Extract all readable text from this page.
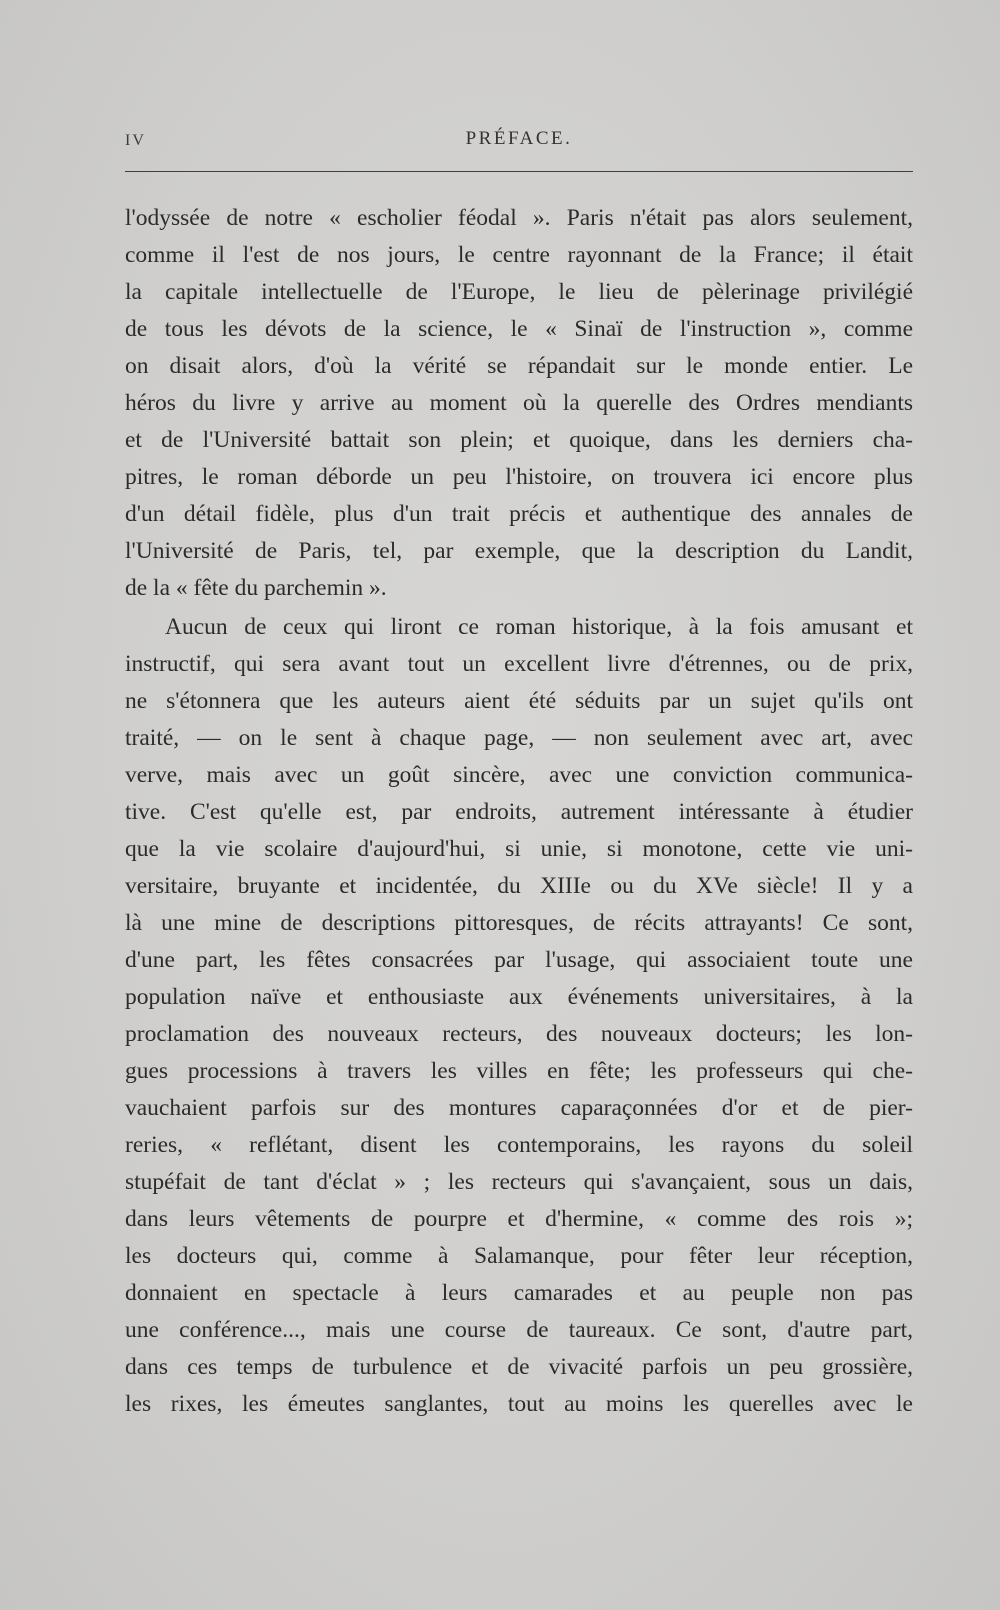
IV	PRÉFACE.
l'odyssée de notre « escholier féodal ». Paris n'était pas alors seulement,
comme il l'est de nos jours, le centre rayonnant de la France; il était
la capitale intellectuelle de l'Europe, le lieu de pèlerinage privilégié
de tous les dévots de la science, le « Sinaï de l'instruction », comme
on disait alors, d'où la vérité se répandait sur le monde entier. Le
héros du livre y arrive au moment où la querelle des Ordres mendiants
et de l'Université battait son plein; et quoique, dans les derniers cha-
pitres, le roman déborde un peu l'histoire, on trouvera ici encore plus
d'un détail fidèle, plus d'un trait précis et authentique des annales de
l'Université de Paris, tel, par exemple, que la description du Landit,
de la « fête du parchemin ».
Aucun de ceux qui liront ce roman historique, à la fois amusant et
instructif, qui sera avant tout un excellent livre d'étrennes, ou de prix,
ne s'étonnera que les auteurs aient été séduits par un sujet qu'ils ont
traité, — on le sent à chaque page, — non seulement avec art, avec
verve, mais avec un goût sincère, avec une conviction communica-
tive. C'est qu'elle est, par endroits, autrement intéressante à étudier
que la vie scolaire d'aujourd'hui, si unie, si monotone, cette vie uni-
versitaire, bruyante et incidentée, du XIIIe ou du XVe siècle! Il y a
là une mine de descriptions pittoresques, de récits attrayants! Ce sont,
d'une part, les fêtes consacrées par l'usage, qui associaient toute une
population naïve et enthousiaste aux événements universitaires, à la
proclamation des nouveaux recteurs, des nouveaux docteurs; les lon-
gues processions à travers les villes en fête; les professeurs qui che-
vauchaient parfois sur des montures caparaçonnées d'or et de pier-
reries, « reflétant, disent les contemporains, les rayons du soleil
stupéfait de tant d'éclat » ; les recteurs qui s'avançaient, sous un dais,
dans leurs vêtements de pourpre et d'hermine, « comme des rois »;
les docteurs qui, comme à Salamanque, pour fêter leur réception,
donnaient en spectacle à leurs camarades et au peuple non pas
une conférence..., mais une course de taureaux. Ce sont, d'autre part,
dans ces temps de turbulence et de vivacité parfois un peu grossière,
les rixes, les émeutes sanglantes, tout au moins les querelles avec le
